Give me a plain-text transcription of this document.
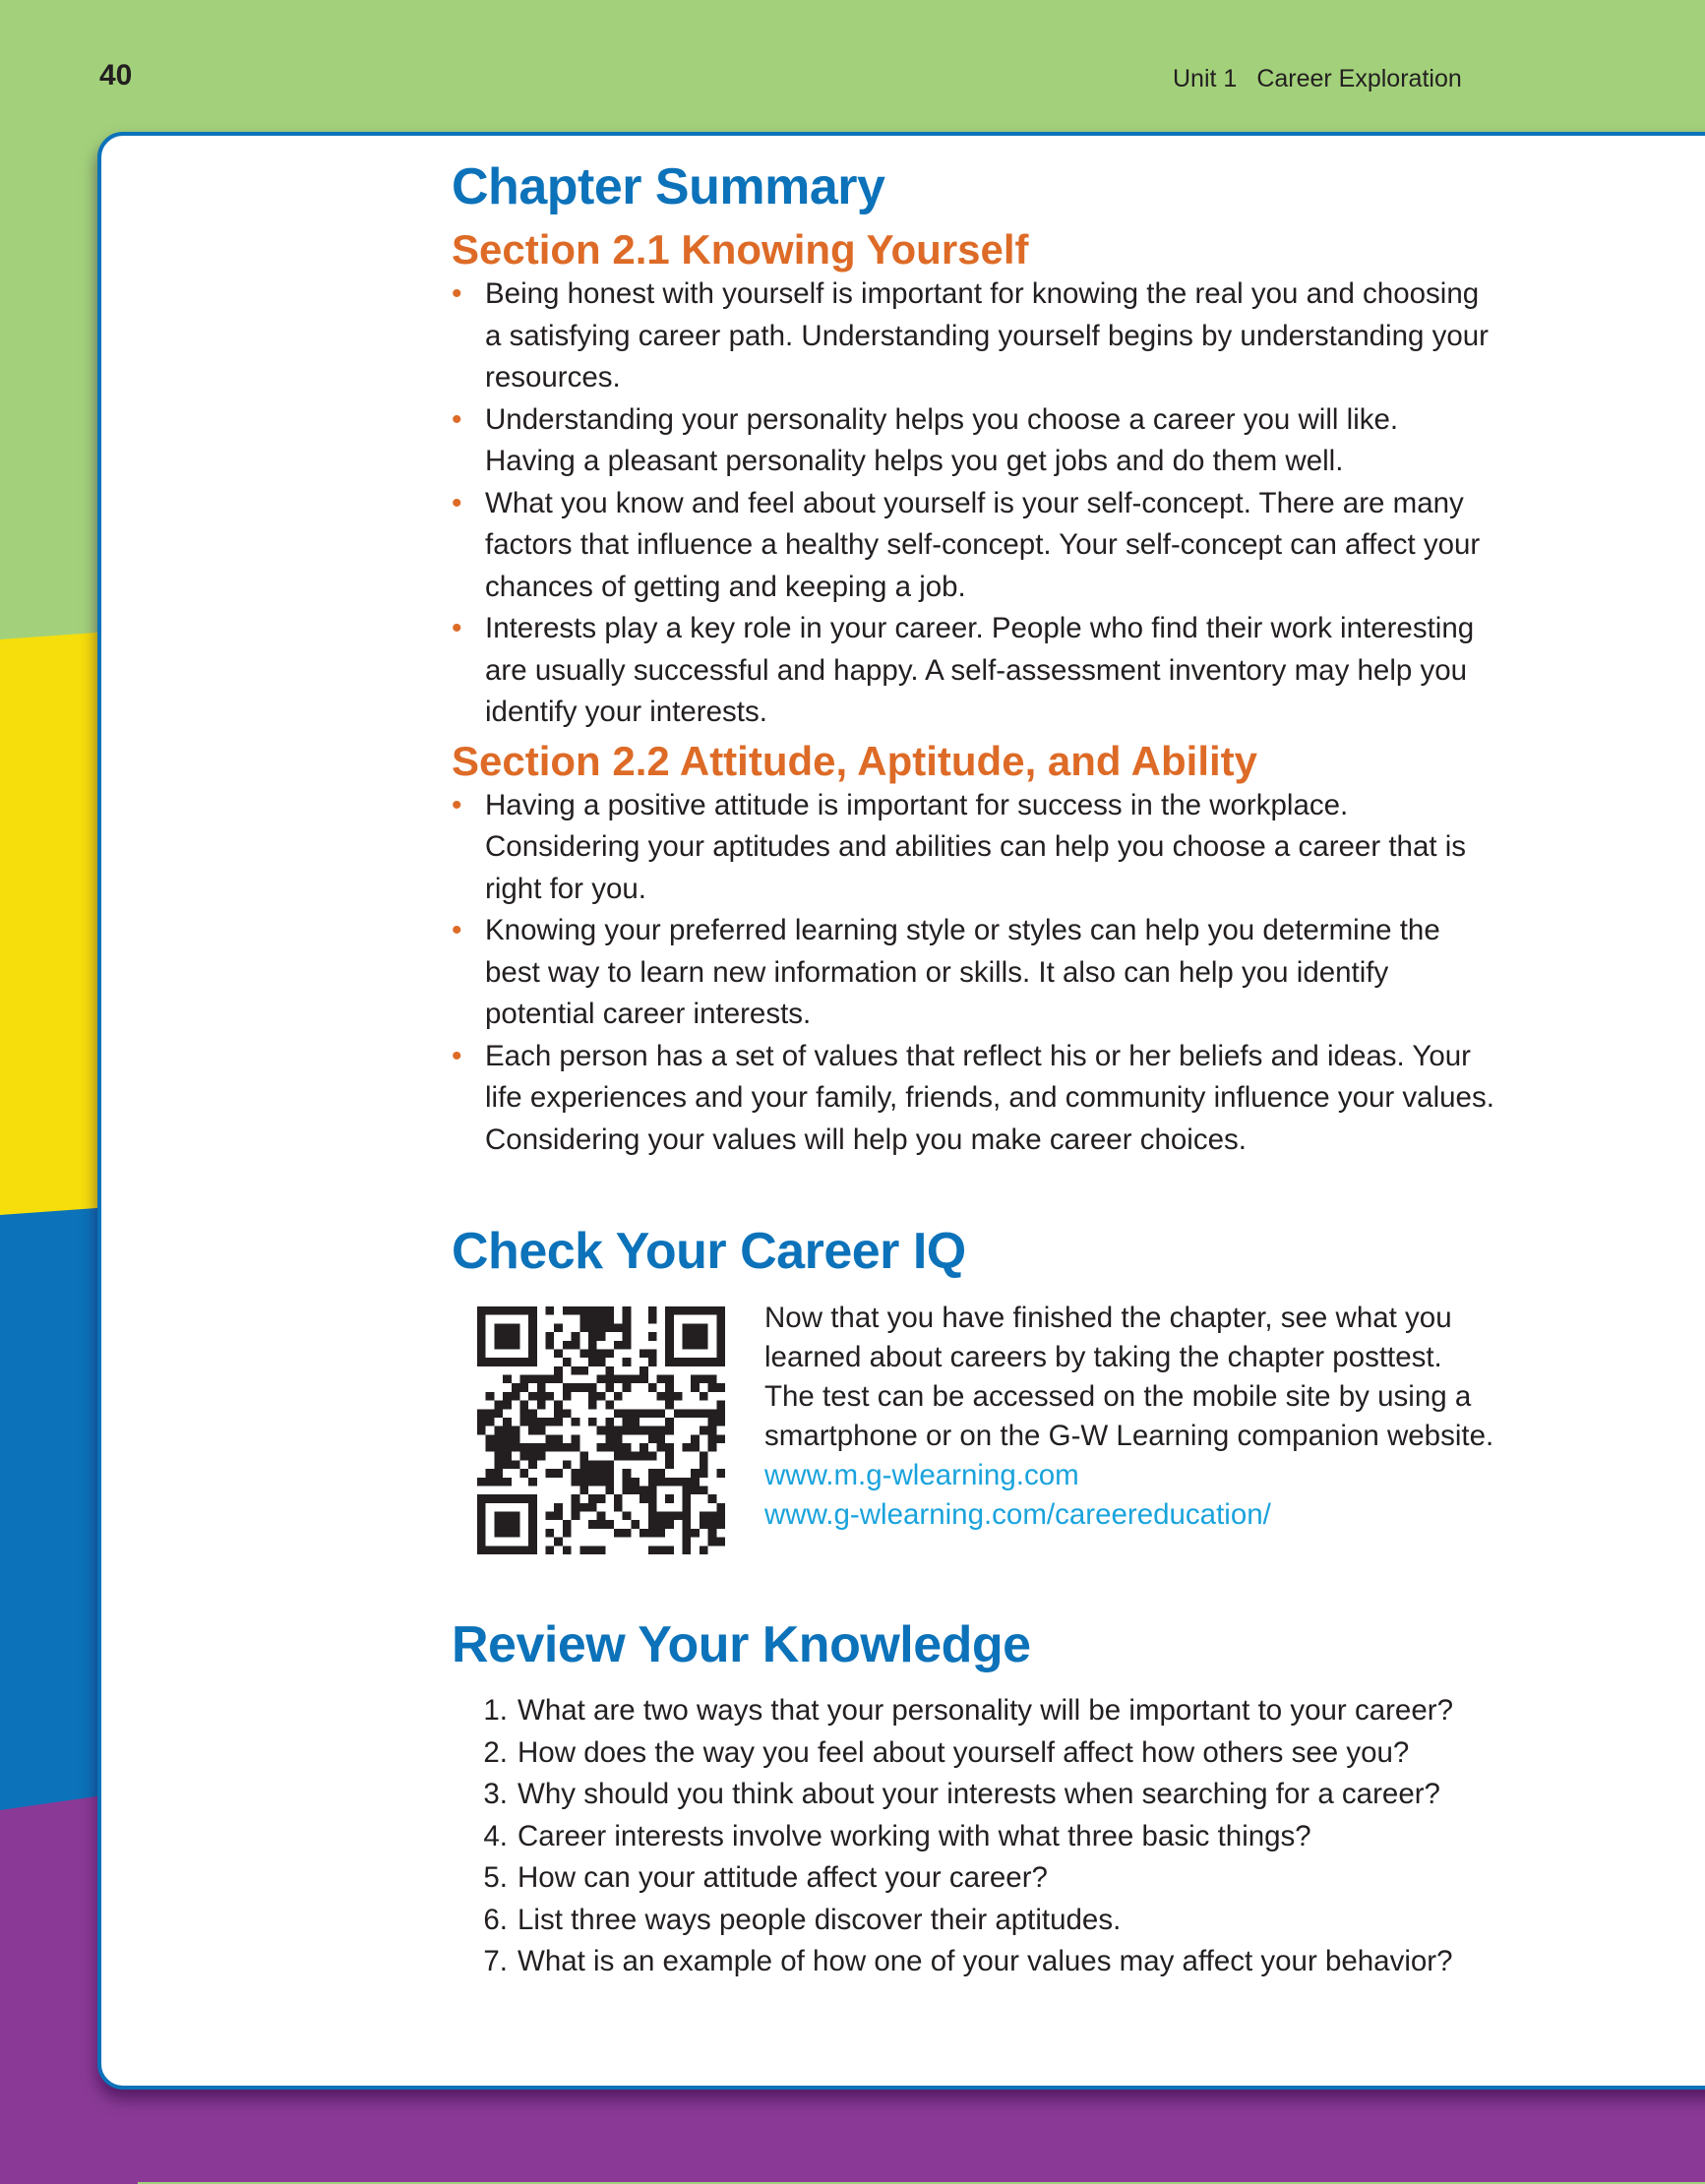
40	Unit 1 Career Exploration
Chapter Summary
Section 2.1 Knowing Yourself
• Being honest with yourself is important for knowing the real you and choosing a satisfying career path. Understanding yourself begins by understanding your resources.
• Understanding your personality helps you choose a career you will like. Having a pleasant personality helps you get jobs and do them well.
• What you know and feel about yourself is your self-concept. There are many factors that influence a healthy self-concept. Your self-concept can affect your chances of getting and keeping a job.
• Interests play a key role in your career. People who find their work interesting are usually successful and happy. A self-assessment inventory may help you identify your interests.
Section 2.2 Attitude, Aptitude, and Ability
• Having a positive attitude is important for success in the workplace. Considering your aptitudes and abilities can help you choose a career that is right for you.
• Knowing your preferred learning style or styles can help you determine the best way to learn new information or skills. It also can help you identify potential career interests.
• Each person has a set of values that reflect his or her beliefs and ideas. Your life experiences and your family, friends, and community influence your values. Considering your values will help you make career choices.
Check Your Career IQ
Now that you have finished the chapter, see what you learned about careers by taking the chapter posttest. The test can be accessed on the mobile site by using a smartphone or on the G-W Learning companion website.
www.m.g-wlearning.com
www.g-wlearning.com/careereducation/
Review Your Knowledge
1. What are two ways that your personality will be important to your career?
2. How does the way you feel about yourself affect how others see you?
3. Why should you think about your interests when searching for a career?
4. Career interests involve working with what three basic things?
5. How can your attitude affect your career?
6. List three ways people discover their aptitudes.
7. What is an example of how one of your values may affect your behavior?
